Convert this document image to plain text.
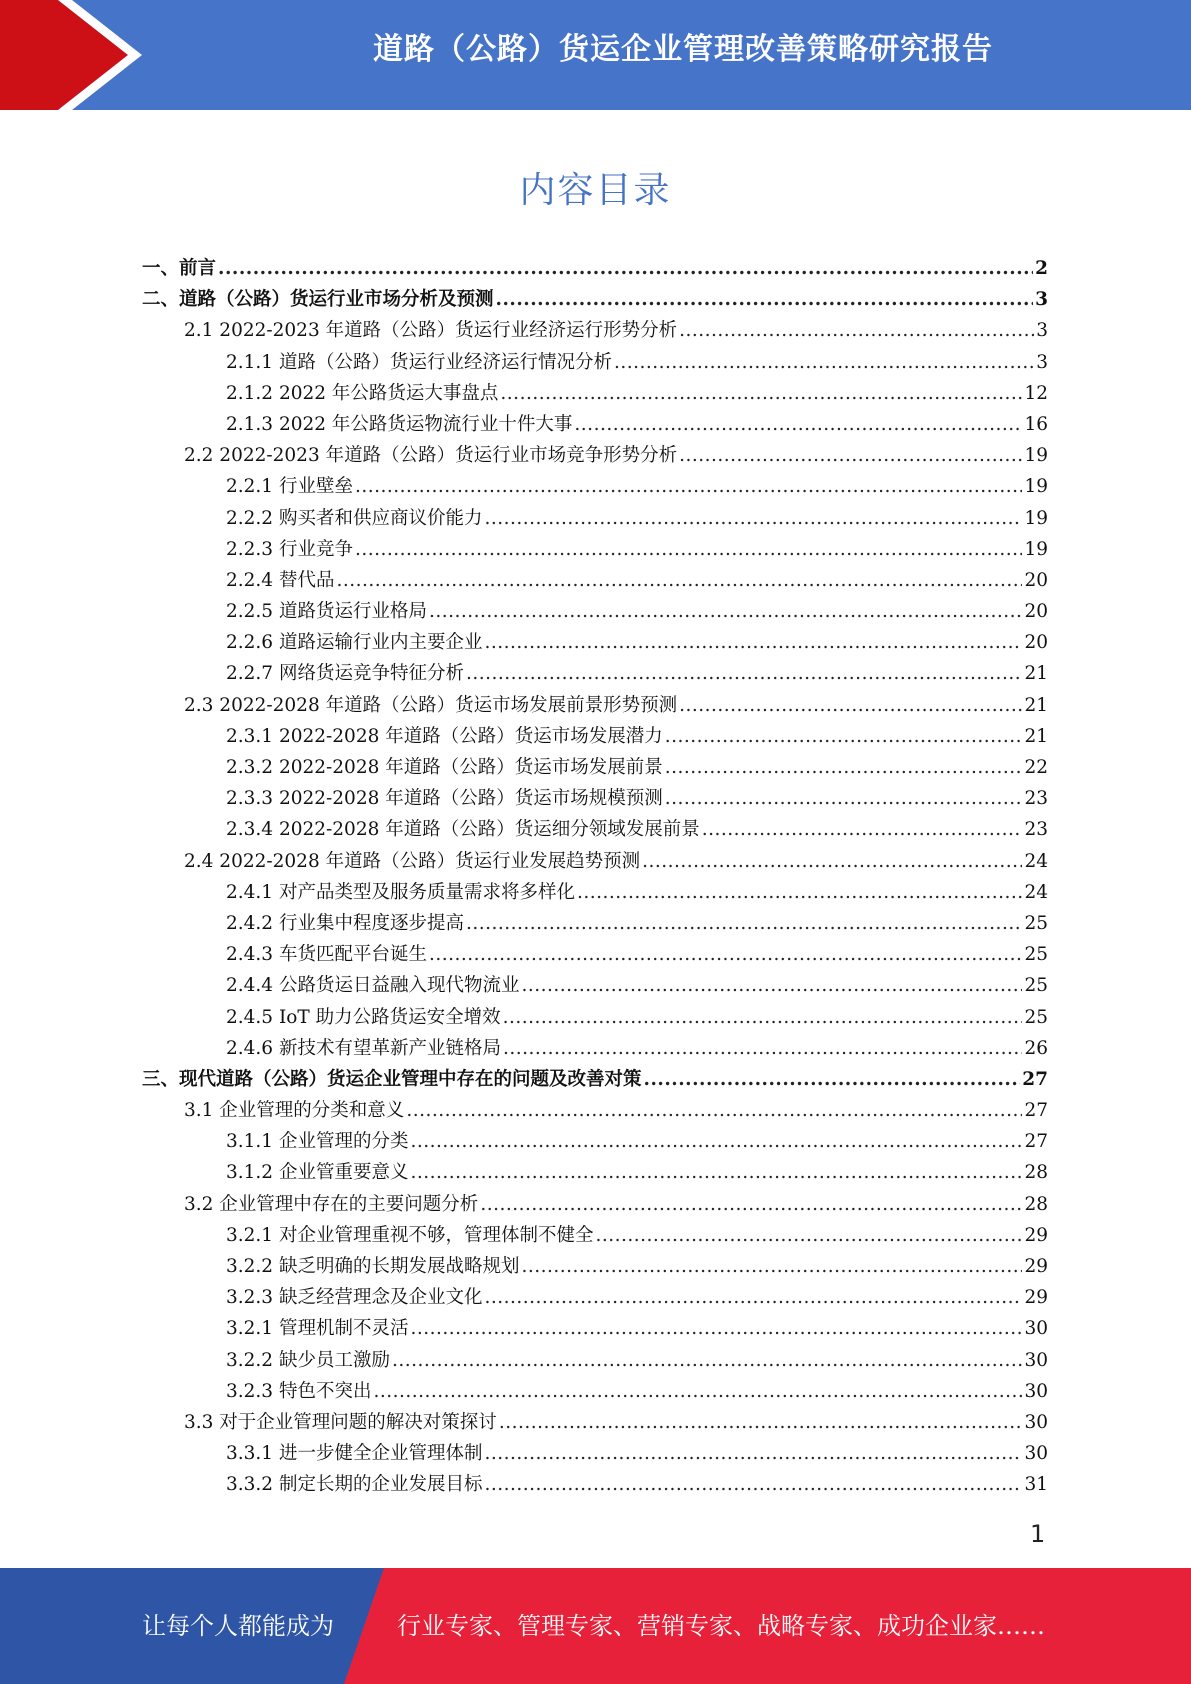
道路（公路）货运企业管理改善策略研究报告
内容目录
一、前言 .....	2
二、道路（公路）货运行业市场分析及预测 .....	3
2.1 2022-2023 年道路（公路）货运行业经济运行形势分析 .....	3
2.1.1 道路（公路）货运行业经济运行情况分析 .....	3
2.1.2 2022 年公路货运大事盘点 .....	12
2.1.3 2022 年公路货运物流行业十件大事 .....	16
2.2 2022-2023 年道路（公路）货运行业市场竞争形势分析 .....	19
2.2.1 行业壁垒 .....	19
2.2.2 购买者和供应商议价能力 .....	19
2.2.3 行业竞争 .....	19
2.2.4 替代品 .....	20
2.2.5 道路货运行业格局 .....	20
2.2.6 道路运输行业内主要企业 .....	20
2.2.7 网络货运竞争特征分析 .....	21
2.3 2022-2028 年道路（公路）货运市场发展前景形势预测 .....	21
2.3.1 2022-2028 年道路（公路）货运市场发展潜力 .....	21
2.3.2 2022-2028 年道路（公路）货运市场发展前景 .....	22
2.3.3 2022-2028 年道路（公路）货运市场规模预测 .....	23
2.3.4 2022-2028 年道路（公路）货运细分领域发展前景 .....	23
2.4 2022-2028 年道路（公路）货运行业发展趋势预测 .....	24
2.4.1 对产品类型及服务质量需求将多样化 .....	24
2.4.2 行业集中程度逐步提高 .....	25
2.4.3 车货匹配平台诞生 .....	25
2.4.4 公路货运日益融入现代物流业 .....	25
2.4.5 IoT 助力公路货运安全增效 .....	25
2.4.6 新技术有望革新产业链格局 .....	26
三、现代道路（公路）货运企业管理中存在的问题及改善对策 .....	27
3.1 企业管理的分类和意义 .....	27
3.1.1 企业管理的分类 .....	27
3.1.2 企业管重要意义 .....	28
3.2 企业管理中存在的主要问题分析 .....	28
3.2.1 对企业管理重视不够，管理体制不健全 .....	29
3.2.2 缺乏明确的长期发展战略规划 .....	29
3.2.3 缺乏经营理念及企业文化 .....	29
3.2.1 管理机制不灵活 .....	30
3.2.2 缺少员工激励 .....	30
3.2.3 特色不突出 .....	30
3.3 对于企业管理问题的解决对策探讨 .....	30
3.3.1 进一步健全企业管理体制 .....	30
3.3.2 制定长期的企业发展目标 .....	31
1
让每个人都能成为	行业专家、管理专家、营销专家、战略专家、成功企业家……
